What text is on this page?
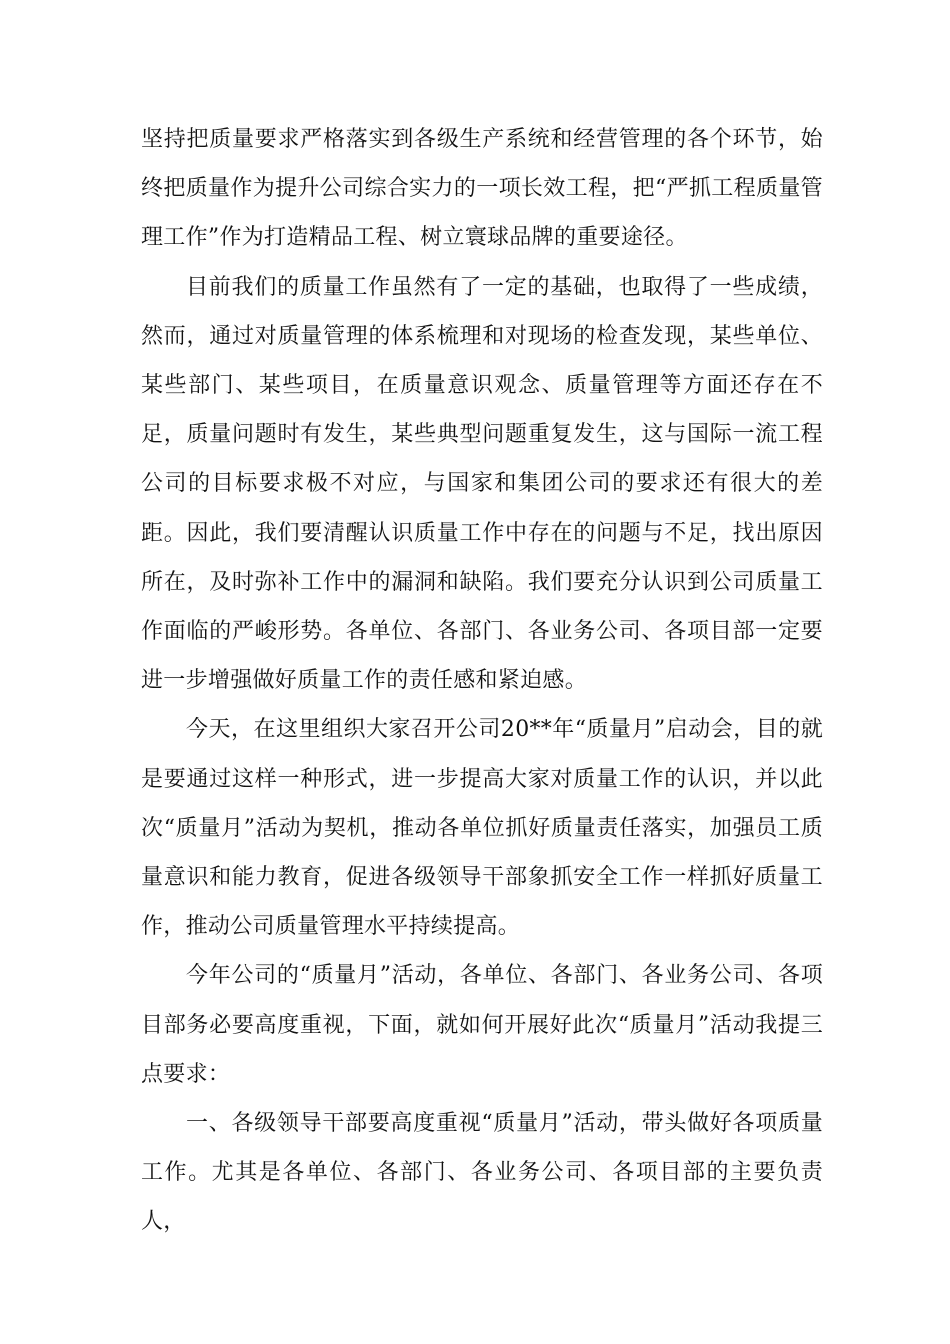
坚持把质量要求严格落实到各级生产系统和经营管理的各个环节，始终把质量作为提升公司综合实力的一项长效工程，把“严抓工程质量管理工作”作为打造精品工程、树立寰球品牌的重要途径。

目前我们的质量工作虽然有了一定的基础，也取得了一些成绩，然而，通过对质量管理的体系梳理和对现场的检查发现，某些单位、某些部门、某些项目，在质量意识观念、质量管理等方面还存在不足，质量问题时有发生，某些典型问题重复发生，这与国际一流工程公司的目标要求极不对应，与国家和集团公司的要求还有很大的差距。因此，我们要清醒认识质量工作中存在的问题与不足，找出原因所在，及时弥补工作中的漏洞和缺陷。我们要充分认识到公司质量工作面临的严峻形势。各单位、各部门、各业务公司、各项目部一定要进一步增强做好质量工作的责任感和紧迫感。

今天，在这里组织大家召开公司20**年“质量月”启动会，目的就是要通过这样一种形式，进一步提高大家对质量工作的认识，并以此次“质量月”活动为契机，推动各单位抓好质量责任落实，加强员工质量意识和能力教育，促进各级领导干部象抓安全工作一样抓好质量工作，推动公司质量管理水平持续提高。

今年公司的“质量月”活动，各单位、各部门、各业务公司、各项目部务必要高度重视，下面，就如何开展好此次“质量月”活动我提三点要求：

一、各级领导干部要高度重视“质量月”活动，带头做好各项质量工作。尤其是各单位、各部门、各业务公司、各项目部的主要负责人，
